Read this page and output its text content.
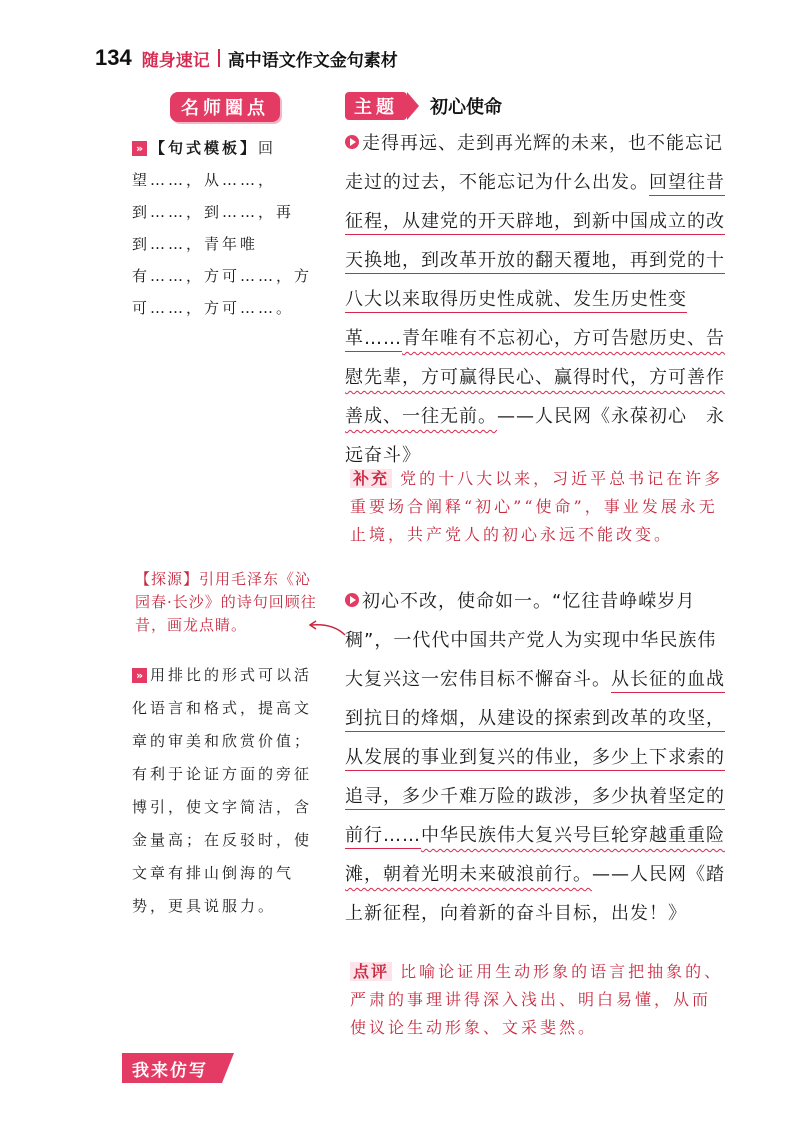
134 随身速记 高中语文作文金句素材
名师圈点	主题	初心使命
» 【句式模板】回望……，从……，到……，到……，再到……，青年唯有……，方可……，方可……，方可……。
【探源】引用毛泽东《沁园春·长沙》的诗句回顾往昔，画龙点睛。
» 用排比的形式可以活化语言和格式，提高文章的审美和欣赏价值；有利于论证方面的旁征博引，使文字简洁，含金量高；在反驳时，使文章有排山倒海的气势，更具说服力。
走得再远、走到再光辉的未来，也不能忘记走过的过去，不能忘记为什么出发。回望往昔征程，从建党的开天辟地，到新中国成立的改天换地，到改革开放的翻天覆地，再到党的十八大以来取得历史性成就、发生历史性变革……青年唯有不忘初心，方可告慰历史、告慰先辈，方可赢得民心、赢得时代，方可善作善成、一往无前。——人民网《永葆初心　永远奋斗》
补充 党的十八大以来，习近平总书记在许多重要场合阐释“初心”“使命”，事业发展永无止境，共产党人的初心永远不能改变。
初心不改，使命如一。“忆往昔峥嵘岁月稠”，一代代中国共产党人为实现中华民族伟大复兴这一宏伟目标不懈奋斗。从长征的血战到抗日的烽烟，从建设的探索到改革的攻坚，从发展的事业到复兴的伟业，多少上下求索的追寻，多少千难万险的跋涉，多少执着坚定的前行……中华民族伟大复兴号巨轮穿越重重险滩，朝着光明未来破浪前行。——人民网《踏上新征程，向着新的奋斗目标，出发！》
点评 比喻论证用生动形象的语言把抽象的、严肃的事理讲得深入浅出、明白易懂，从而使议论生动形象、文采斐然。
我来仿写
